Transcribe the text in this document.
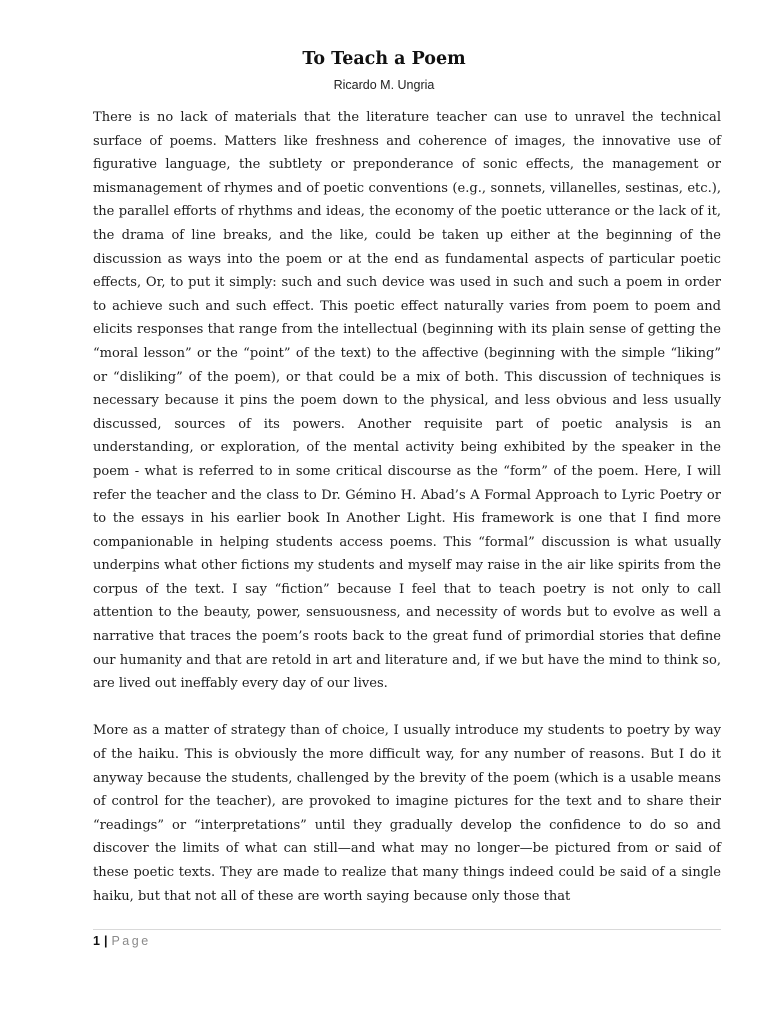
To Teach a Poem
Ricardo M. Ungria

There is no lack of materials that the literature teacher can use to unravel the technical surface of poems. Matters like freshness and coherence of images, the innovative use of figurative language, the subtlety or preponderance of sonic effects, the management or mismanagement of rhymes and of poetic conventions (e.g., sonnets, villanelles, sestinas, etc.), the parallel efforts of rhythms and ideas, the economy of the poetic utterance or the lack of it, the drama of line breaks, and the like, could be taken up either at the beginning of the discussion as ways into the poem or at the end as fundamental aspects of particular poetic effects, Or, to put it simply: such and such device was used in such and such a poem in order to achieve such and such effect. This poetic effect naturally varies from poem to poem and elicits responses that range from the intellectual (beginning with its plain sense of getting the “moral lesson” or the “point” of the text) to the affective (beginning with the simple “liking” or “disliking” of the poem), or that could be a mix of both. This discussion of techniques is necessary because it pins the poem down to the physical, and less obvious and less usually discussed, sources of its powers. Another requisite part of poetic analysis is an understanding, or exploration, of the mental activity being exhibited by the speaker in the poem - what is referred to in some critical discourse as the “form” of the poem. Here, I will refer the teacher and the class to Dr. Gémino H. Abad’s A Formal Approach to Lyric Poetry or to the essays in his earlier book In Another Light. His framework is one that I find more companionable in helping students access poems. This “formal” discussion is what usually underpins what other fictions my students and myself may raise in the air like spirits from the corpus of the text. I say “fiction” because I feel that to teach poetry is not only to call attention to the beauty, power, sensuousness, and necessity of words but to evolve as well a narrative that traces the poem’s roots back to the great fund of primordial stories that define our humanity and that are retold in art and literature and, if we but have the mind to think so, are lived out ineffably every day of our lives.

More as a matter of strategy than of choice, I usually introduce my students to poetry by way of the haiku. This is obviously the more difficult way, for any number of reasons. But I do it anyway because the students, challenged by the brevity of the poem (which is a usable means of control for the teacher), are provoked to imagine pictures for the text and to share their “readings” or “interpretations” until they gradually develop the confidence to do so and discover the limits of what can still—and what may no longer—be pictured from or said of these poetic texts. They are made to realize that many things indeed could be said of a single haiku, but that not all of these are worth saying because only those that

1 | Page
